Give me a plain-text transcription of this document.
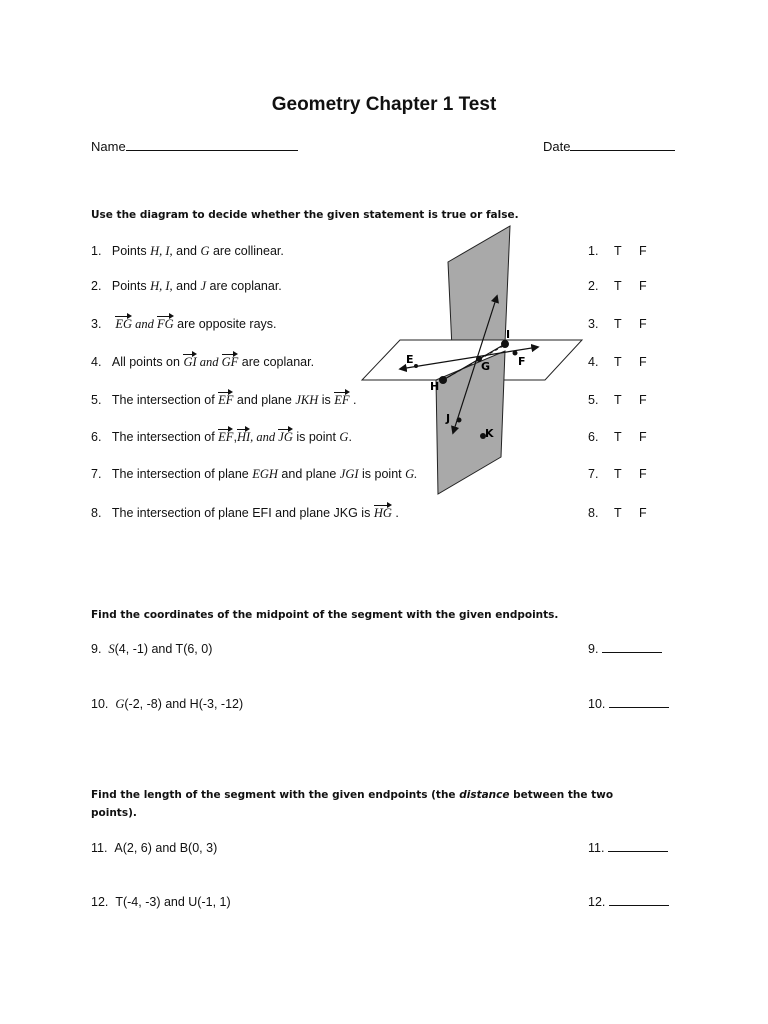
Geometry Chapter 1 Test
Name	Date
Use the diagram to decide whether the given statement is true or false.
1. Points H, I, and G are collinear.
2. Points H, I, and J are coplanar.
3. EG and FG are opposite rays.
4. All points on GI and GF are coplanar.
5. The intersection of EF and plane JKH is EF .
6. The intersection of EF,HI, and JG is point G.
7. The intersection of plane EGH and plane JGI is point G.
8. The intersection of plane EFI and plane JKG is HG .
1. T F
2. T F
3. T F
4. T F
5. T F
6. T F
7. T F
8. T F
E
G	F
H
I
J
K
Find the coordinates of the midpoint of the segment with the given endpoints.
9. S(4, -1) and T(6, 0)
10. G(-2, -8) and H(-3, -12)
9.
10.
Find the length of the segment with the given endpoints (the distance between the two
points).
11. A(2, 6) and B(0, 3)
12. T(-4, -3) and U(-1, 1)
11.
12.
